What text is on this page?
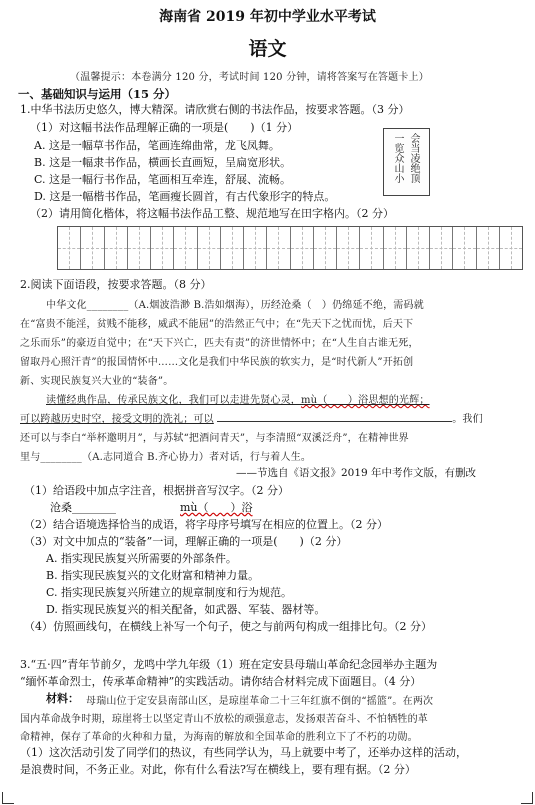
海南省 2019 年初中学业水平考试
语文
（温馨提示：本卷满分 120 分，考试时间 120 分钟，请将答案写在答题卡上）
一、基础知识与运用（15 分）
1.中华书法历史悠久，博大精深。请欣赏右侧的书法作品，按要求答题。（3 分）
（1）对这幅书法作品理解正确的一项是(　　)（1 分）
A. 这是一幅草书作品，笔画连绵曲常，龙飞凤舞。
B. 这是一幅隶书作品，横画长直画短，呈扁宽形状。
C. 这是一幅行书作品，笔画相互牵连，舒展、流畅。
D. 这是一幅楷书作品，笔画瘦长圆首，有古代象形字的特点。
（2）请用简化楷体，将这幅书法作品工整、规范地写在田字格内。（2 分）
会当凌绝顶
一览众山小
2.阅读下面语段，按要求答题。（8 分）
中华文化________（A.烟波浩渺 B.浩如烟海），历经沧桑（　）仍绵延不绝，需码就
在“富贵不能淫，贫贱不能移，威武不能屈”的浩然正气中；在“先天下之忧而忧，后天下
之乐而乐”的豪迈自觉中；在“天下兴亡，匹夫有责”的济世情怀中；在“人生自古谁无死，
留取丹心照汗青”的报国情怀中……文化是我们中华民族的软实力，是“时代新人”开拓创
新、实现民族复兴大业的“装备”。
读懂经典作品，传承民族文化，我们可以走进先贤心灵，mù（　　）浴思想的光辉；
可以跨越历史时空，接受文明的洗礼；可以	。我们
还可以与李白“举杯邀明月”，与苏轼“把酒问青天”，与李清照“双溪泛舟”，在精神世界
里与________（A.志同道合 B.齐心协力）者对话，行与着人生。
——节选自《语文报》2019 年中考作文版，有删改
（1）给语段中加点字注音，根据拼音写汉字。（2 分）
沧桑________	mù（　　）浴
（2）结合语境选择恰当的成语，将字母序号填写在相应的位置上。（2 分）
（3）对文中加点的“装备”一词，理解正确的一项是(　　)（2 分）
A. 指实现民族复兴所需要的外部条件。
B. 指实现民族复兴的文化财富和精神力量。
C. 指实现民族复兴所建立的规章制度和行为规范。
D. 指实现民族复兴的相关配备，如武器、军装、器材等。
（4）仿照画线句，在横线上补写一个句子，使之与前两句构成一组排比句。（2 分）
3.“五·四”青年节前夕，龙鸣中学九年级（1）班在定安县母瑞山革命纪念园举办主题为
“缅怀革命烈士，传承革命精神”的实践活动。请你结合材料完成下面题目。（4 分）
材料： 母瑞山位于定安县南部山区，是琼崖革命二十三年红旗不倒的“摇篮”。在两次
国内革命战争时期，琼崖将士以坚定青山不放松的顽强意志，发扬艰苦奋斗、不怕牺牲的革
命精神，保存了革命的火种和力量，为海南的解放和全国革命的胜利立下了不朽的功勋。
（1）这次活动引发了同学们的热议，有些同学认为，马上就要中考了，还举办这样的活动，
是浪费时间，不务正业。对此，你有什么看法?写在横线上，要有理有据。（2 分）
